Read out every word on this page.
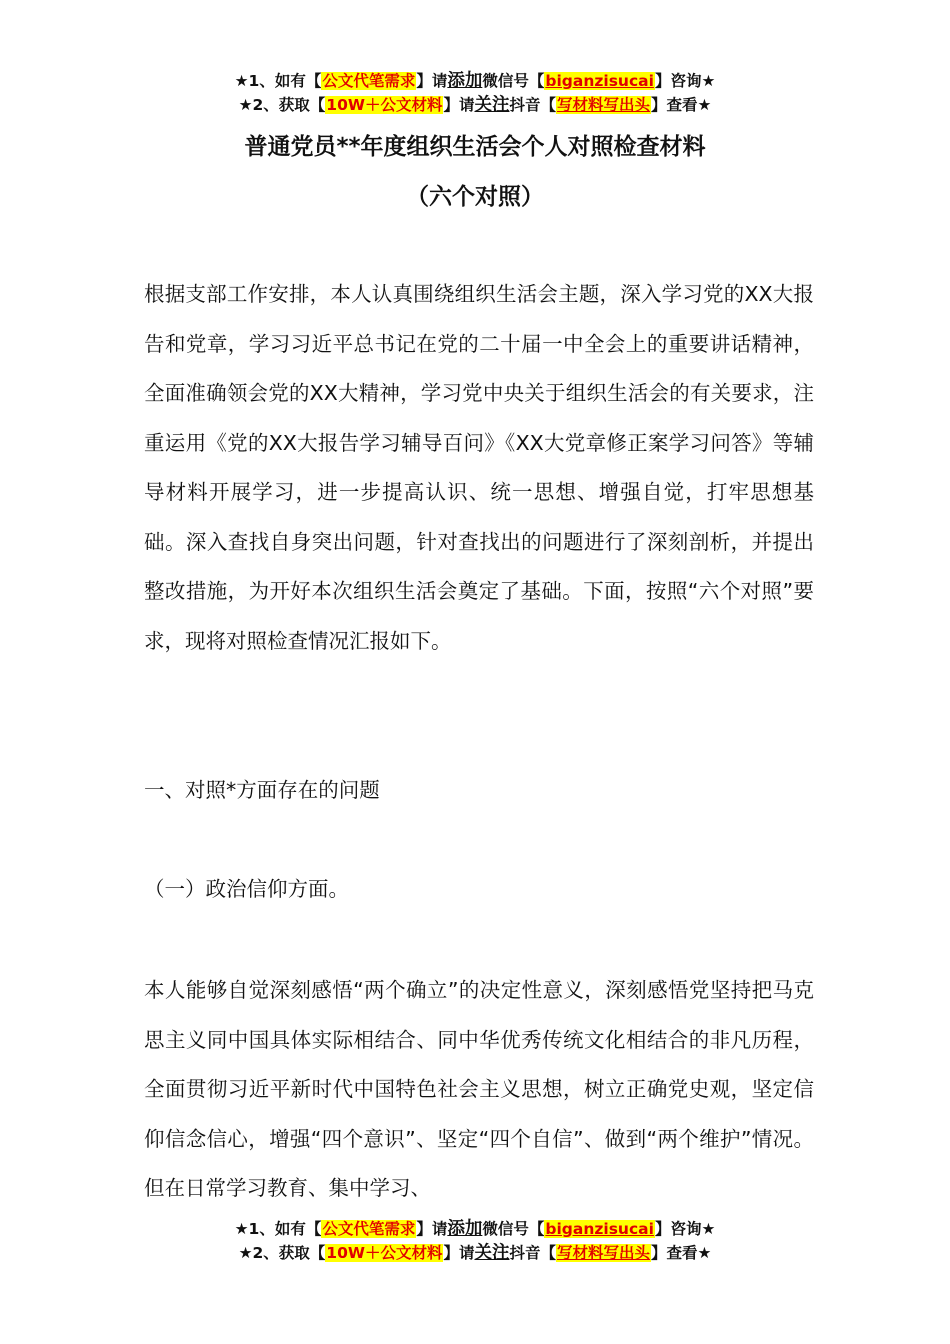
★1、如有【公文代笔需求】请添加微信号【biganzisucai】咨询★
★2、获取【10W＋公文材料】请关注抖音【写材料写出头】查看★
普通党员**年度组织生活会个人对照检查材料
（六个对照）
根据支部工作安排，本人认真围绕组织生活会主题，深入学习党的XX大报告和党章，学习习近平总书记在党的二十届一中全会上的重要讲话精神，全面准确领会党的XX大精神，学习党中央关于组织生活会的有关要求，注重运用《党的XX大报告学习辅导百问》《XX大党章修正案学习问答》等辅导材料开展学习，进一步提高认识、统一思想、增强自觉，打牢思想基础。深入查找自身突出问题，针对查找出的问题进行了深刻剖析，并提出整改措施，为开好本次组织生活会奠定了基础。下面，按照“六个对照”要求，现将对照检查情况汇报如下。
一、对照*方面存在的问题
（一）政治信仰方面。
本人能够自觉深刻感悟“两个确立”的决定性意义，深刻感悟党坚持把马克思主义同中国具体实际相结合、同中华优秀传统文化相结合的非凡历程，全面贯彻习近平新时代中国特色社会主义思想，树立正确党史观，坚定信仰信念信心，增强“四个意识”、坚定“四个自信”、做到“两个维护”情况。但在日常学习教育、集中学习、
★1、如有【公文代笔需求】请添加微信号【biganzisucai】咨询★
★2、获取【10W＋公文材料】请关注抖音【写材料写出头】查看★
